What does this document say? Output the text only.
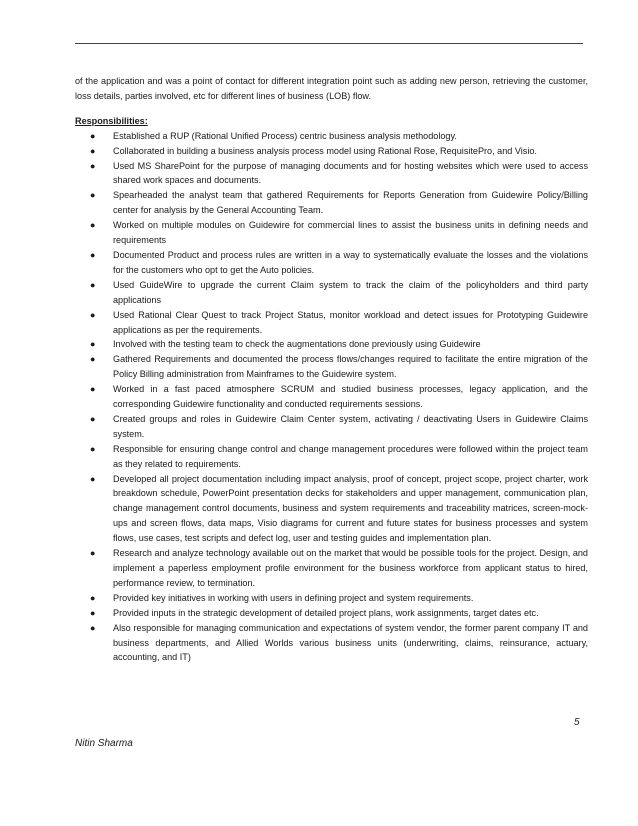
of the application and was a point of contact for different integration point such as adding new person, retrieving the customer, loss details, parties involved, etc for different lines of business (LOB) flow.

Responsibilities:
● Established a RUP (Rational Unified Process) centric business analysis methodology.
● Collaborated in building a business analysis process model using Rational Rose, RequisitePro, and Visio.
● Used MS SharePoint for the purpose of managing documents and for hosting websites which were used to access shared work spaces and documents.
● Spearheaded the analyst team that gathered Requirements for Reports Generation from Guidewire Policy/Billing center for analysis by the General Accounting Team.
● Worked on multiple modules on Guidewire for commercial lines to assist the business units in defining needs and requirements
● Documented Product and process rules are written in a way to systematically evaluate the losses and the violations for the customers who opt to get the Auto policies.
● Used GuideWire to upgrade the current Claim system to track the claim of the policyholders and third party applications
● Used Rational Clear Quest to track Project Status, monitor workload and detect issues for Prototyping Guidewire applications as per the requirements.
● Involved with the testing team to check the augmentations done previously using Guidewire
● Gathered Requirements and documented the process flows/changes required to facilitate the entire migration of the Policy Billing administration from Mainframes to the Guidewire system.
● Worked in a fast paced atmosphere SCRUM and studied business processes, legacy application, and the corresponding Guidewire functionality and conducted requirements sessions.
● Created groups and roles in Guidewire Claim Center system, activating / deactivating Users in Guidewire Claims system.
● Responsible for ensuring change control and change management procedures were followed within the project team as they related to requirements.
● Developed all project documentation including impact analysis, proof of concept, project scope, project charter, work breakdown schedule, PowerPoint presentation decks for stakeholders and upper management, communication plan, change management control documents, business and system requirements and traceability matrices, screen-mock-ups and screen flows, data maps, Visio diagrams for current and future states for business processes and system flows, use cases, test scripts and defect log, user and testing guides and implementation plan.
● Research and analyze technology available out on the market that would be possible tools for the project. Design, and implement a paperless employment profile environment for the business workforce from applicant status to hired, performance review, to termination.
● Provided key initiatives in working with users in defining project and system requirements.
● Provided inputs in the strategic development of detailed project plans, work assignments, target dates etc.
● Also responsible for managing communication and expectations of system vendor, the former parent company IT and business departments, and Allied Worlds various business units (underwriting, claims, reinsurance, actuary, accounting, and IT)
5
Nitin Sharma
